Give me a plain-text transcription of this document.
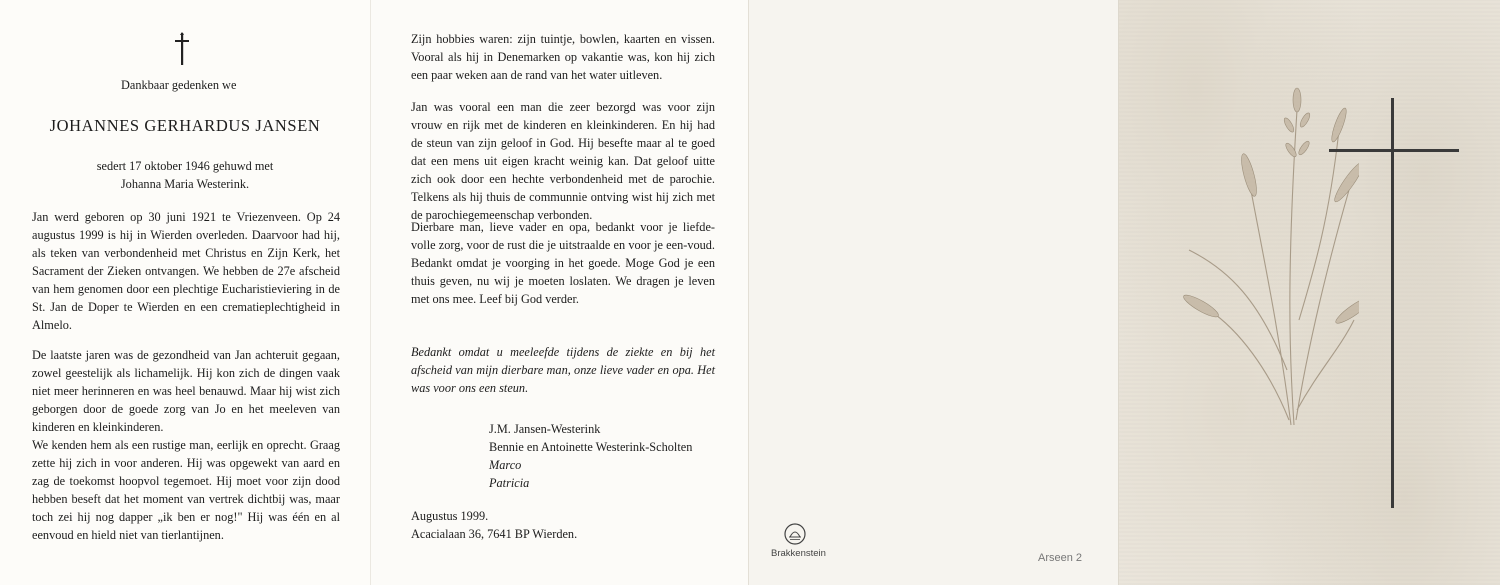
Dankbaar gedenken we

JOHANNES GERHARDUS JANSEN

sedert 17 oktober 1946 gehuwd met

Johanna Maria Westerink.

Jan werd geboren op 30 juni 1921 te Vriezenveen. Op 24 augustus 1999 is hij in Wierden overleden. Daarvoor had hij, als teken van verbondenheid met Christus en Zijn Kerk, het Sacrament der Zieken ontvangen. We hebben de 27e afscheid van hem genomen door een plechtige Eucharistieviering in de St. Jan de Doper te Wierden en een crematieplechtigheid in Almelo.

De laatste jaren was de gezondheid van Jan achteruit gegaan, zowel geestelijk als lichamelijk. Hij kon zich de dingen vaak niet meer herinneren en was heel benauwd. Maar hij wist zich geborgen door de goede zorg van Jo en het meeleven van kinderen en kleinkinderen.

We kenden hem als een rustige man, eerlijk en oprecht. Graag zette hij zich in voor anderen. Hij was opgewekt van aard en zag de toekomst hoopvol tegemoet. Hij moet voor zijn dood hebben beseft dat het moment van vertrek dichtbij was, maar toch zei hij nog dapper „ik ben er nog!" Hij was één en al eenvoud en hield niet van tierlantijnen.

Zijn hobbies waren: zijn tuintje, bowlen, kaarten en vissen. Vooral als hij in Denemarken op vakantie was, kon hij zich een paar weken aan de rand van het water uitleven.

Jan was vooral een man die zeer bezorgd was voor zijn vrouw en rijk met de kinderen en kleinkinderen. En hij had de steun van zijn geloof in God. Hij besefte maar al te goed dat een mens uit eigen kracht weinig kan. Dat geloof uitte zich ook door een hechte verbondenheid met de parochie. Telkens als hij thuis de communnie ontving wist hij zich met de parochiegemeenschap verbonden.

Dierbare man, lieve vader en opa, bedankt voor je liefde-volle zorg, voor de rust die je uitstraalde en voor je een-voud. Bedankt omdat je voorging in het goede. Moge God je een thuis geven, nu wij je moeten loslaten. We dragen je leven met ons mee. Leef bij God verder.

Bedankt omdat u meeleefde tijdens de ziekte en bij het afscheid van mijn dierbare man, onze lieve vader en opa. Het was voor ons een steun.

J.M. Jansen-Westerink

Bennie en Antoinette Westerink-Scholten

Marco

Patricia

Augustus 1999.

Acacialaan 36, 7641 BP Wierden.

Brakkenstein	Arseen 2
